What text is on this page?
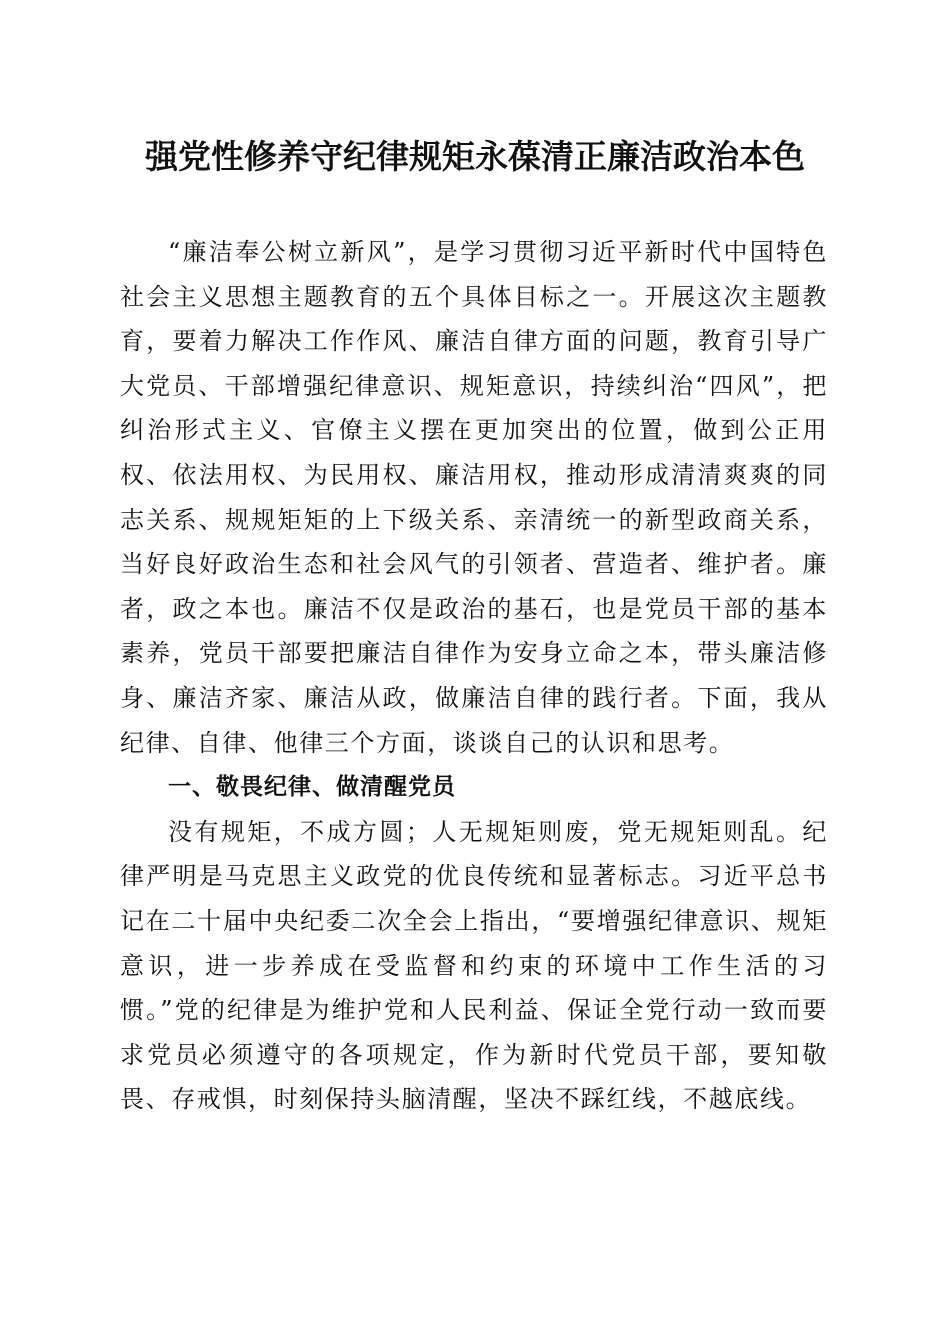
强党性修养守纪律规矩永葆清正廉洁政治本色

“廉洁奉公树立新风”，是学习贯彻习近平新时代中国特色社会主义思想主题教育的五个具体目标之一。开展这次主题教育，要着力解决工作作风、廉洁自律方面的问题，教育引导广大党员、干部增强纪律意识、规矩意识，持续纠治“四风”，把纠治形式主义、官僚主义摆在更加突出的位置，做到公正用权、依法用权、为民用权、廉洁用权，推动形成清清爽爽的同志关系、规规矩矩的上下级关系、亲清统一的新型政商关系，当好良好政治生态和社会风气的引领者、营造者、维护者。廉者，政之本也。廉洁不仅是政治的基石，也是党员干部的基本素养，党员干部要把廉洁自律作为安身立命之本，带头廉洁修身、廉洁齐家、廉洁从政，做廉洁自律的践行者。下面，我从纪律、自律、他律三个方面，谈谈自己的认识和思考。

一、敬畏纪律、做清醒党员

没有规矩，不成方圆；人无规矩则废，党无规矩则乱。纪律严明是马克思主义政党的优良传统和显著标志。习近平总书记在二十届中央纪委二次全会上指出，“要增强纪律意识、规矩意识，进一步养成在受监督和约束的环境中工作生活的习惯。”党的纪律是为维护党和人民利益、保证全党行动一致而要求党员必须遵守的各项规定，作为新时代党员干部，要知敬畏、存戒惧，时刻保持头脑清醒，坚决不踩红线，不越底线。
